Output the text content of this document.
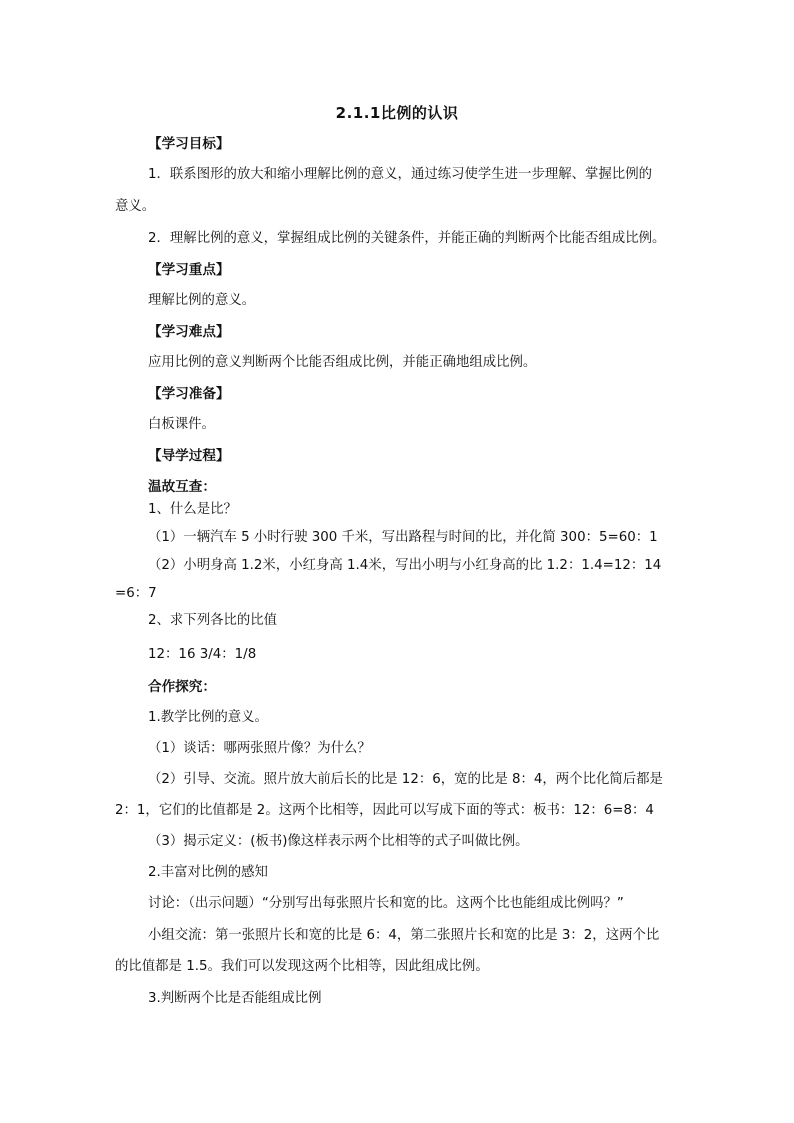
2.1.1比例的认识
【学习目标】
1．联系图形的放大和缩小理解比例的意义，通过练习使学生进一步理解、掌握比例的
意义。
2．理解比例的意义，掌握组成比例的关键条件，并能正确的判断两个比能否组成比例。
【学习重点】
理解比例的意义。
【学习难点】
应用比例的意义判断两个比能否组成比例，并能正确地组成比例。
【学习准备】
白板课件。
【导学过程】
温故互查：
1、什么是比？
（1）一辆汽车 5 小时行驶 300 千米，写出路程与时间的比，并化简 300：5=60：1
（2）小明身高 1.2米，小红身高 1.4米，写出小明与小红身高的比 1.2：1.4=12：14
=6：7
2、求下列各比的比值
12：16 3/4：1/8
合作探究：
1.教学比例的意义。
（1）谈话：哪两张照片像？为什么？
（2）引导、交流。照片放大前后长的比是 12：6，宽的比是 8：4，两个比化简后都是
2：1，它们的比值都是 2。这两个比相等，因此可以写成下面的等式：板书：12：6=8：4
（3）揭示定义：(板书)像这样表示两个比相等的式子叫做比例。
2.丰富对比例的感知
讨论：（出示问题）“分别写出每张照片长和宽的比。这两个比也能组成比例吗？”
小组交流：第一张照片长和宽的比是 6：4，第二张照片长和宽的比是 3：2，这两个比
的比值都是 1.5。我们可以发现这两个比相等，因此组成比例。
3.判断两个比是否能组成比例
